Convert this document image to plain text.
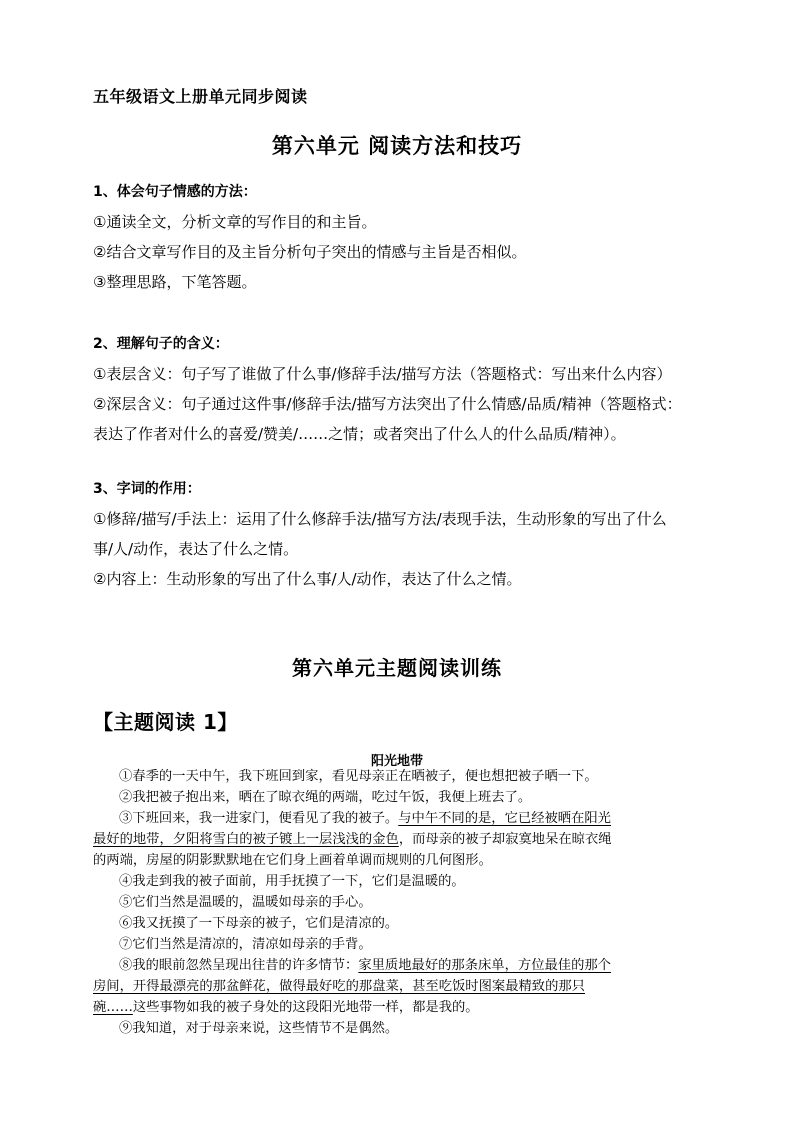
五年级语文上册单元同步阅读
第六单元 阅读方法和技巧
1、体会句子情感的方法：
①通读全文，分析文章的写作目的和主旨。
②结合文章写作目的及主旨分析句子突出的情感与主旨是否相似。
③整理思路，下笔答题。
2、理解句子的含义：
①表层含义：句子写了谁做了什么事/修辞手法/描写方法（答题格式：写出来什么内容）
②深层含义：句子通过这件事/修辞手法/描写方法突出了什么情感/品质/精神（答题格式：
表达了作者对什么的喜爱/赞美/……之情；或者突出了什么人的什么品质/精神）。
3、字词的作用：
①修辞/描写/手法上：运用了什么修辞手法/描写方法/表现手法，生动形象的写出了什么
事/人/动作，表达了什么之情。
②内容上：生动形象的写出了什么事/人/动作，表达了什么之情。
第六单元主题阅读训练
【主题阅读 1】
阳光地带

①春季的一天中午，我下班回到家，看见母亲正在晒被子，便也想把被子晒一下。

②我把被子抱出来，晒在了晾衣绳的两端，吃过午饭，我便上班去了。

③下班回来，我一进家门，便看见了我的被子。与中午不同的是，它已经被晒在阳光

最好的地带，夕阳将雪白的被子镀上一层浅浅的金色，而母亲的被子却寂寞地呆在晾衣绳

的两端，房屋的阴影默默地在它们身上画着单调而规则的几何图形。

④我走到我的被子面前，用手抚摸了一下，它们是温暖的。

⑤它们当然是温暖的，温暖如母亲的手心。

⑥我又抚摸了一下母亲的被子，它们是清凉的。

⑦它们当然是清凉的，清凉如母亲的手背。

⑧我的眼前忽然呈现出往昔的许多情节：家里质地最好的那条床单，方位最佳的那个

房间，开得最漂亮的那盆鲜花，做得最好吃的那盘菜，甚至吃饭时图案最精致的那只

碗……这些事物如我的被子身处的这段阳光地带一样，都是我的。

⑨我知道，对于母亲来说，这些情节不是偶然。
